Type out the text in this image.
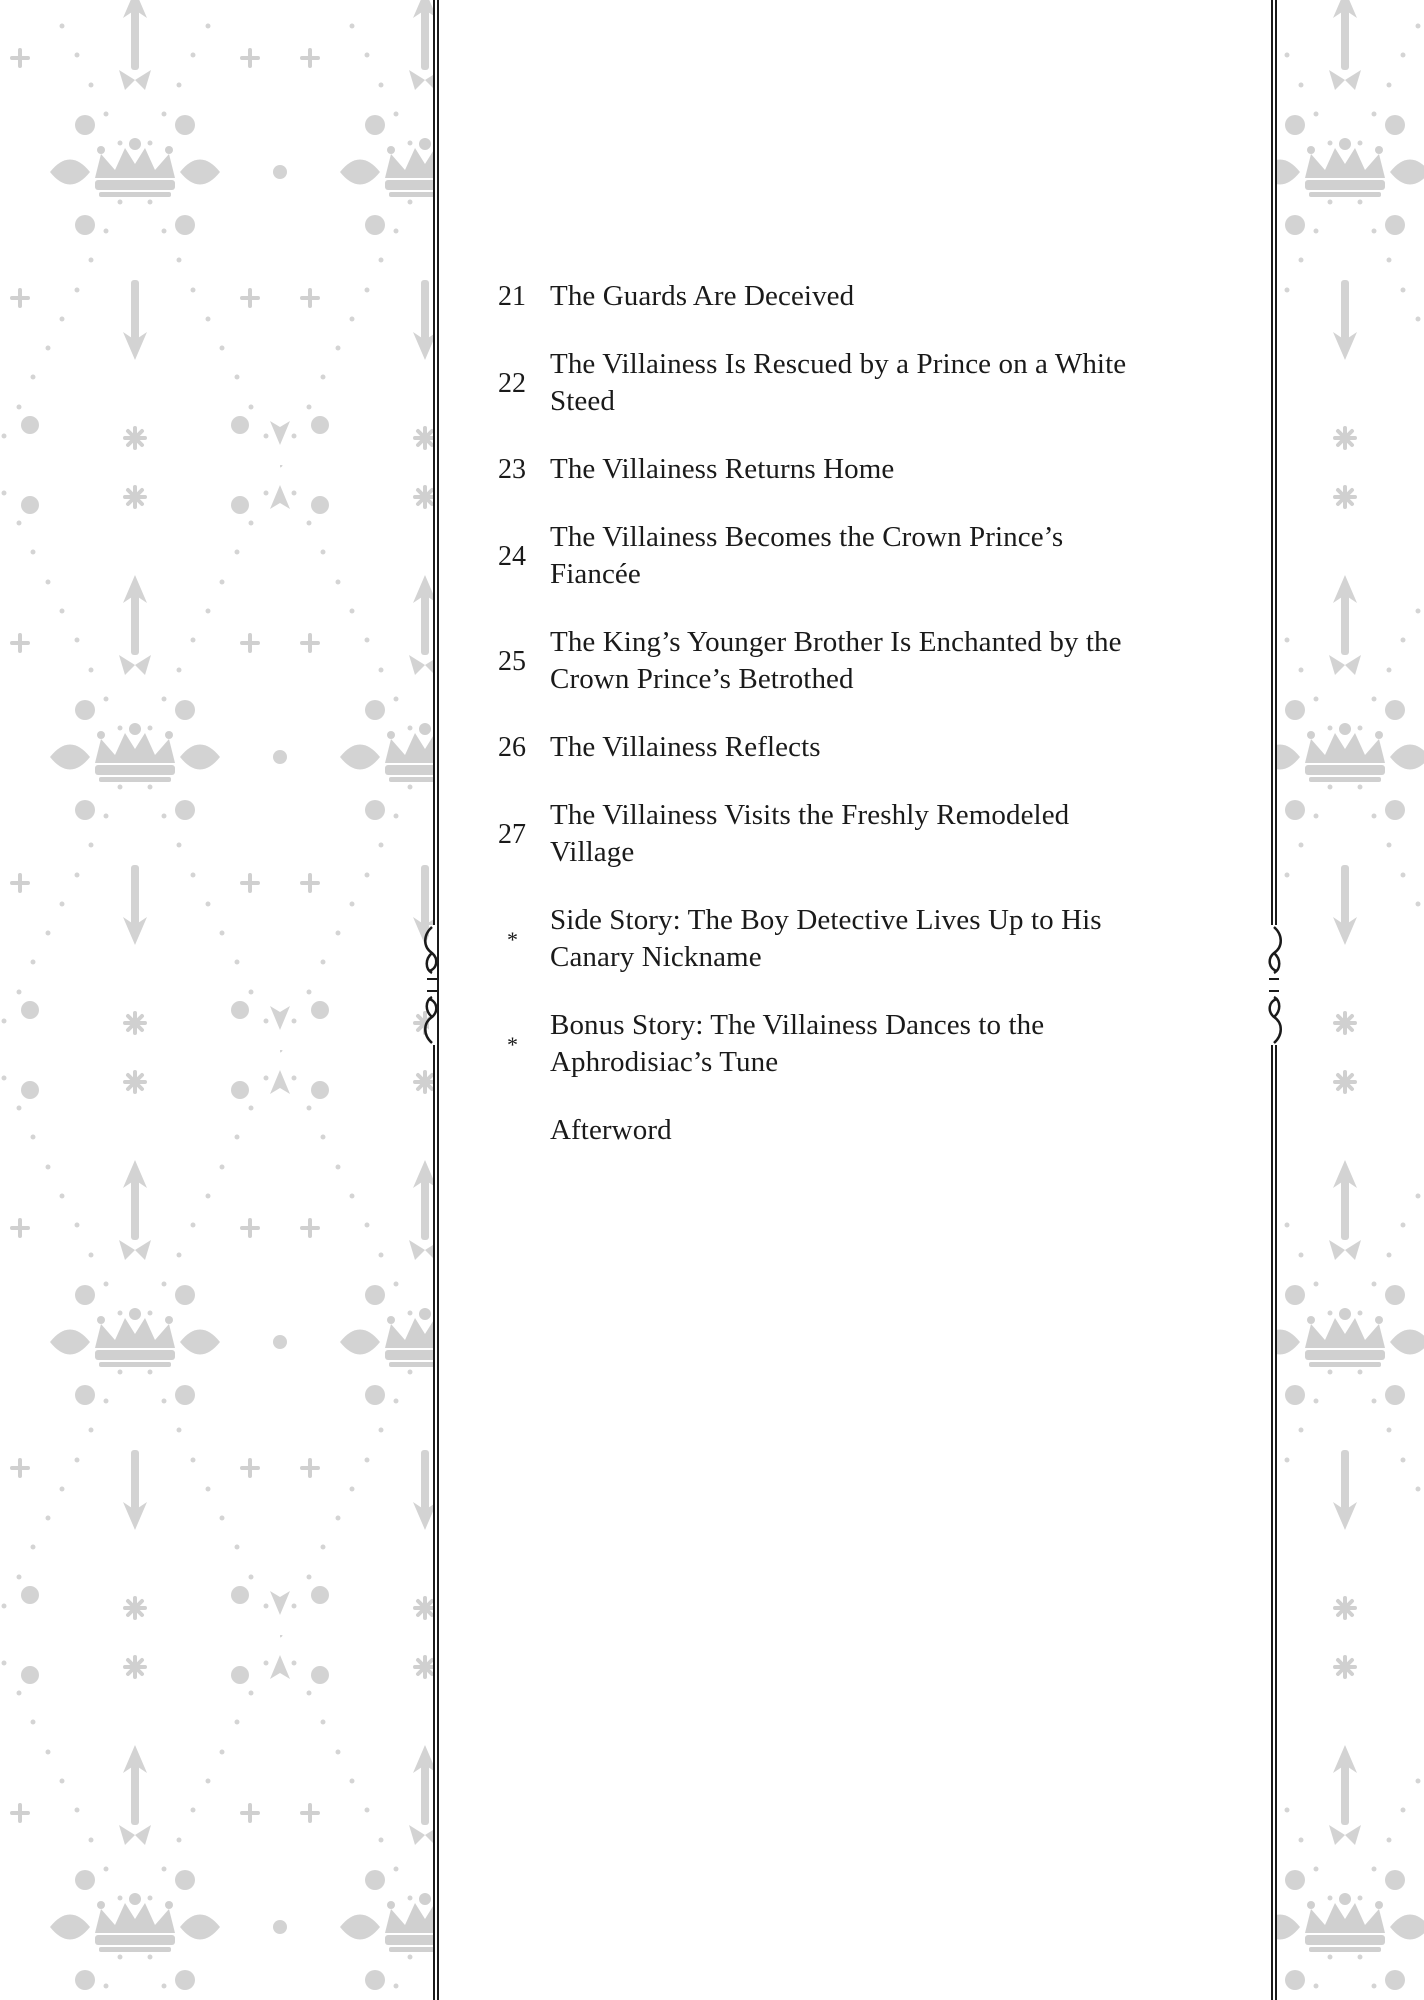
21 The Guards Are Deceived
22
The Villainess Is Rescued by a Prince on a White Steed
23 The Villainess Returns Home
24
The Villainess Becomes the Crown Prince’s Fiancée
25
The King’s Younger Brother Is Enchanted by the Crown Prince’s Betrothed
26 The Villainess Reflects
27
The Villainess Visits the Freshly Remodeled Village
*
Side Story: The Boy Detective Lives Up to His Canary Nickname
*
Bonus Story: The Villainess Dances to the Aphrodisiac’s Tune
Afterword
